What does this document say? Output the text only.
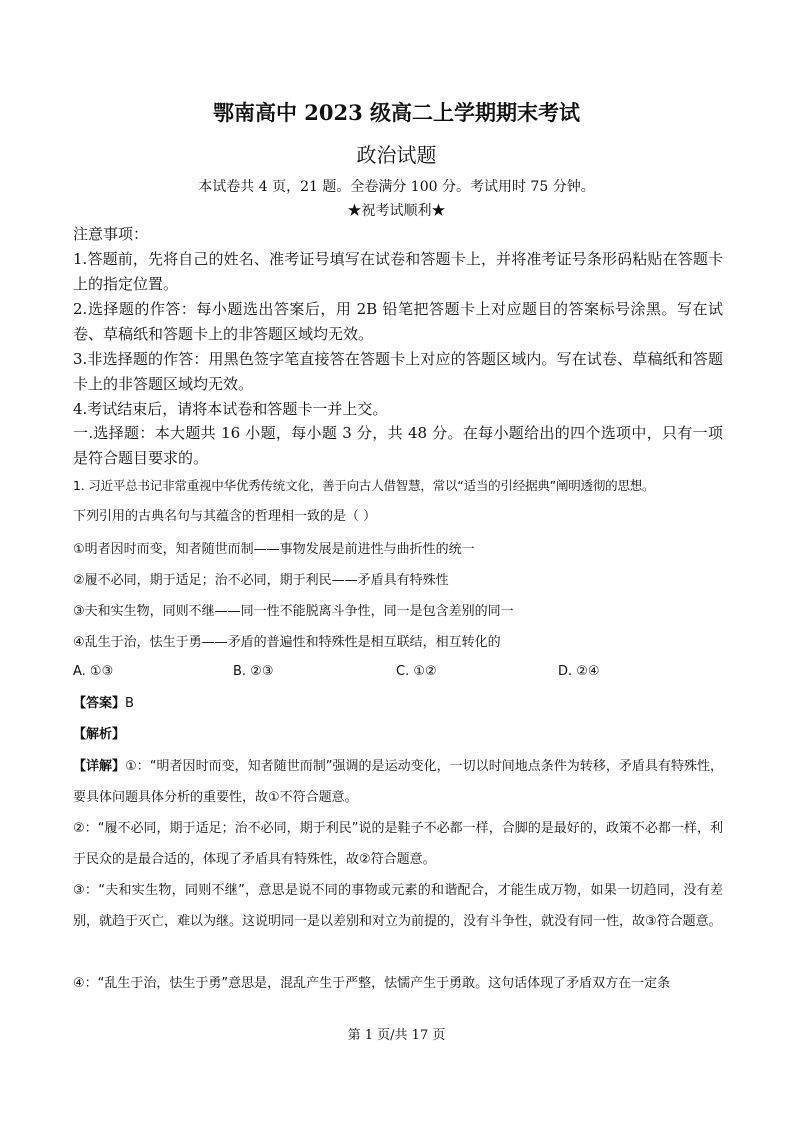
鄂南高中 2023 级高二上学期期末考试
政治试题
本试卷共 4 页，21 题。全卷满分 100 分。考试用时 75 分钟。
★祝考试顺利★
注意事项：
1.答题前，先将自己的姓名、准考证号填写在试卷和答题卡上，并将准考证号条形码粘贴在答题卡上的指定位置。
2.选择题的作答：每小题选出答案后，用 2B 铅笔把答题卡上对应题目的答案标号涂黑。写在试卷、草稿纸和答题卡上的非答题区域均无效。
3.非选择题的作答：用黑色签字笔直接答在答题卡上对应的答题区域内。写在试卷、草稿纸和答题卡上的非答题区域均无效。
4.考试结束后，请将本试卷和答题卡一并上交。
一.选择题：本大题共 16 小题，每小题 3 分，共 48 分。在每小题给出的四个选项中，只有一项是符合题目要求的。
1. 习近平总书记非常重视中华优秀传统文化，善于向古人借智慧，常以“适当的引经据典”阐明透彻的思想。
下列引用的古典名句与其蕴含的哲理相一致的是（ ）
①明者因时而变，知者随世而制——事物发展是前进性与曲折性的统一
②履不必同，期于适足；治不必同，期于利民——矛盾具有特殊性
③夫和实生物，同则不继——同一性不能脱离斗争性，同一是包含差别的同一
④乱生于治，怯生于勇——矛盾的普遍性和特殊性是相互联结，相互转化的
A. ①③	B. ②③	C. ①②	D. ②④
【答案】B
【解析】
【详解】①：“明者因时而变，知者随世而制”强调的是运动变化，一切以时间地点条件为转移，矛盾具有特殊性，要具体问题具体分析的重要性，故①不符合题意。
②：“履不必同，期于适足；治不必同，期于利民”说的是鞋子不必都一样，合脚的是最好的，政策不必都一样，利于民众的是最合适的，体现了矛盾具有特殊性，故②符合题意。
③：“夫和实生物，同则不继”，意思是说不同的事物或元素的和谐配合，才能生成万物，如果一切趋同，没有差别，就趋于灭亡，难以为继。这说明同一是以差别和对立为前提的，没有斗争性，就没有同一性，故③符合题意。
④：“乱生于治，怯生于勇”意思是，混乱产生于严整，怯懦产生于勇敢。这句话体现了矛盾双方在一定条
第 1 页/共 17 页
